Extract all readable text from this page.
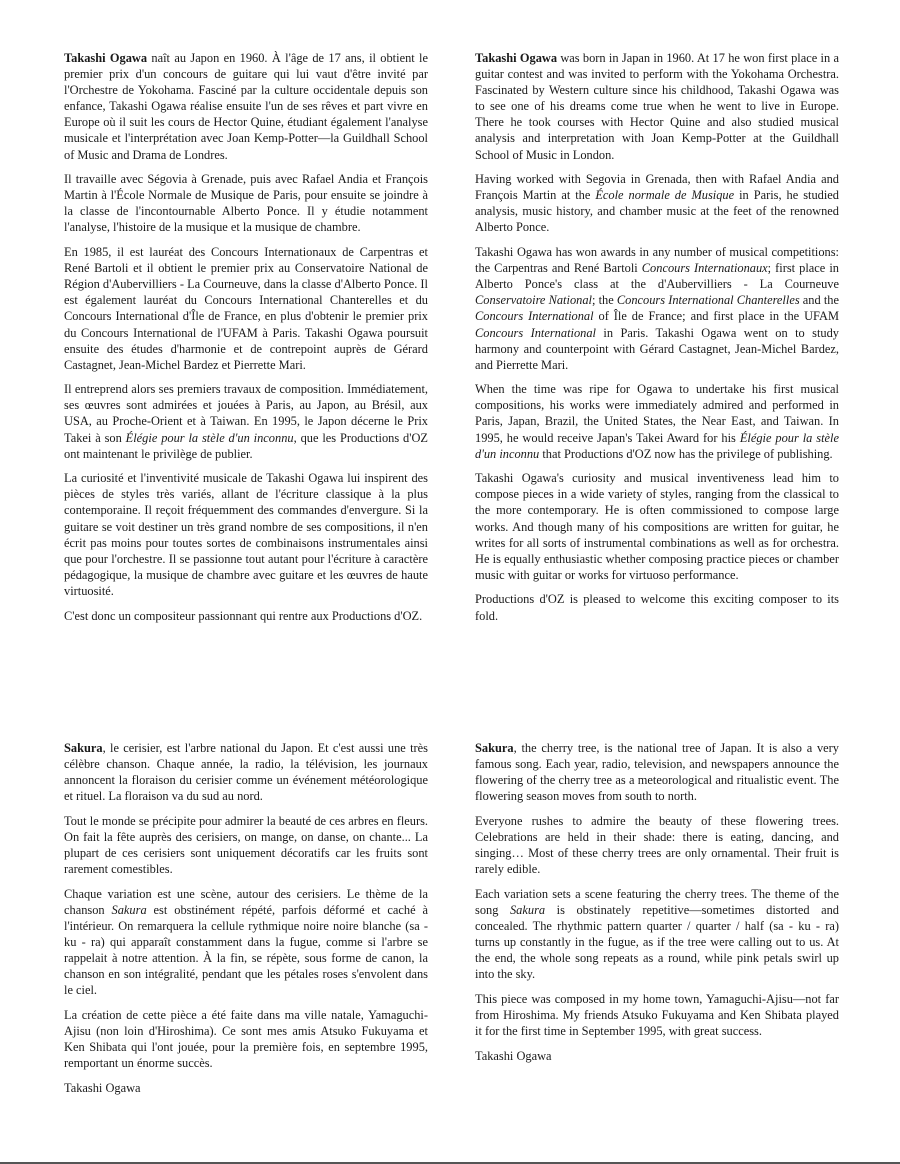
Takashi Ogawa naît au Japon en 1960. À l'âge de 17 ans, il obtient le premier prix d'un concours de guitare qui lui vaut d'être invité par l'Orchestre de Yokohama. Fasciné par la culture occidentale depuis son enfance, Takashi Ogawa réalise ensuite l'un de ses rêves et part vivre en Europe où il suit les cours de Hector Quine, étudiant également l'analyse musicale et l'interprétation avec Joan Kemp-Potter—la Guildhall School of Music and Drama de Londres.

Il travaille avec Ségovia à Grenade, puis avec Rafael Andia et François Martin à l'École Normale de Musique de Paris, pour ensuite se joindre à la classe de l'incontournable Alberto Ponce. Il y étudie notamment l'analyse, l'histoire de la musique et la musique de chambre.

En 1985, il est lauréat des Concours Internationaux de Carpentras et René Bartoli et il obtient le premier prix au Conservatoire National de Région d'Aubervilliers - La Courneuve, dans la classe d'Alberto Ponce. Il est également lauréat du Concours International Chanterelles et du Concours International d'Île de France, en plus d'obtenir le premier prix du Concours International de l'UFAM à Paris. Takashi Ogawa poursuit ensuite des études d'harmonie et de contrepoint auprès de Gérard Castagnet, Jean-Michel Bardez et Pierrette Mari.

Il entreprend alors ses premiers travaux de composition. Immédiatement, ses œuvres sont admirées et jouées à Paris, au Japon, au Brésil, aux USA, au Proche-Orient et à Taiwan. En 1995, le Japon décerne le Prix Takei à son Élégie pour la stèle d'un inconnu, que les Productions d'OZ ont maintenant le privilège de publier.

La curiosité et l'inventivité musicale de Takashi Ogawa lui inspirent des pièces de styles très variés, allant de l'écriture classique à la plus contemporaine. Il reçoit fréquemment des commandes d'envergure. Si la guitare se voit destiner un très grand nombre de ses compositions, il n'en écrit pas moins pour toutes sortes de combinaisons instrumentales ainsi que pour l'orchestre. Il se passionne tout autant pour l'écriture à caractère pédagogique, la musique de chambre avec guitare et les œuvres de haute virtuosité.

C'est donc un compositeur passionnant qui rentre aux Productions d'OZ.

Takashi Ogawa was born in Japan in 1960. At 17 he won first place in a guitar contest and was invited to perform with the Yokohama Orchestra. Fascinated by Western culture since his childhood, Takashi Ogawa was to see one of his dreams come true when he went to live in Europe. There he took courses with Hector Quine and also studied musical analysis and interpretation with Joan Kemp-Potter at the Guildhall School of Music in London.

Having worked with Segovia in Grenada, then with Rafael Andia and François Martin at the École normale de Musique in Paris, he studied analysis, music history, and chamber music at the feet of the renowned Alberto Ponce.

Takashi Ogawa has won awards in any number of musical competitions: the Carpentras and René Bartoli Concours Internationaux; first place in Alberto Ponce's class at the d'Aubervilliers - La Courneuve Conservatoire National; the Concours International Chanterelles and the Concours International of Île de France; and first place in the UFAM Concours International in Paris. Takashi Ogawa went on to study harmony and counterpoint with Gérard Castagnet, Jean-Michel Bardez, and Pierrette Mari.

When the time was ripe for Ogawa to undertake his first musical compositions, his works were immediately admired and performed in Paris, Japan, Brazil, the United States, the Near East, and Taiwan. In 1995, he would receive Japan's Takei Award for his Élégie pour la stèle d'un inconnu that Productions d'OZ now has the privilege of publishing.

Takashi Ogawa's curiosity and musical inventiveness lead him to compose pieces in a wide variety of styles, ranging from the classical to the more contemporary. He is often commissioned to compose large works. And though many of his compositions are written for guitar, he writes for all sorts of instrumental combinations as well as for orchestra. He is equally enthusiastic whether composing practice pieces or chamber music with guitar or works for virtuoso performance.

Productions d'OZ is pleased to welcome this exciting composer to its fold.

Sakura, le cerisier, est l'arbre national du Japon. Et c'est aussi une très célèbre chanson. Chaque année, la radio, la télévision, les journaux annoncent la floraison du cerisier comme un événement météorologique et rituel. La floraison va du sud au nord.

Tout le monde se précipite pour admirer la beauté de ces arbres en fleurs. On fait la fête auprès des cerisiers, on mange, on danse, on chante... La plupart de ces cerisiers sont uniquement décoratifs car les fruits sont rarement comestibles.

Chaque variation est une scène, autour des cerisiers. Le thème de la chanson Sakura est obstinément répété, parfois déformé et caché à l'intérieur. On remarquera la cellule rythmique noire noire blanche (sa - ku - ra) qui apparaît constamment dans la fugue, comme si l'arbre se rappelait à notre attention. À la fin, se répète, sous forme de canon, la chanson en son intégralité, pendant que les pétales roses s'envolent dans le ciel.

La création de cette pièce a été faite dans ma ville natale, Yamaguchi-Ajisu (non loin d'Hiroshima). Ce sont mes amis Atsuko Fukuyama et Ken Shibata qui l'ont jouée, pour la première fois, en septembre 1995, remportant un énorme succès.

Takashi Ogawa

Sakura, the cherry tree, is the national tree of Japan. It is also a very famous song. Each year, radio, television, and newspapers announce the flowering of the cherry tree as a meteorological and ritualistic event. The flowering season moves from south to north.

Everyone rushes to admire the beauty of these flowering trees. Celebrations are held in their shade: there is eating, dancing, and singing… Most of these cherry trees are only ornamental. Their fruit is rarely edible.

Each variation sets a scene featuring the cherry trees. The theme of the song Sakura is obstinately repetitive—sometimes distorted and concealed. The rhythmic pattern quarter / quarter / half (sa - ku - ra) turns up constantly in the fugue, as if the tree were calling out to us. At the end, the whole song repeats as a round, while pink petals swirl up into the sky.

This piece was composed in my home town, Yamaguchi-Ajisu—not far from Hiroshima. My friends Atsuko Fukuyama and Ken Shibata played it for the first time in September 1995, with great success.

Takashi Ogawa
